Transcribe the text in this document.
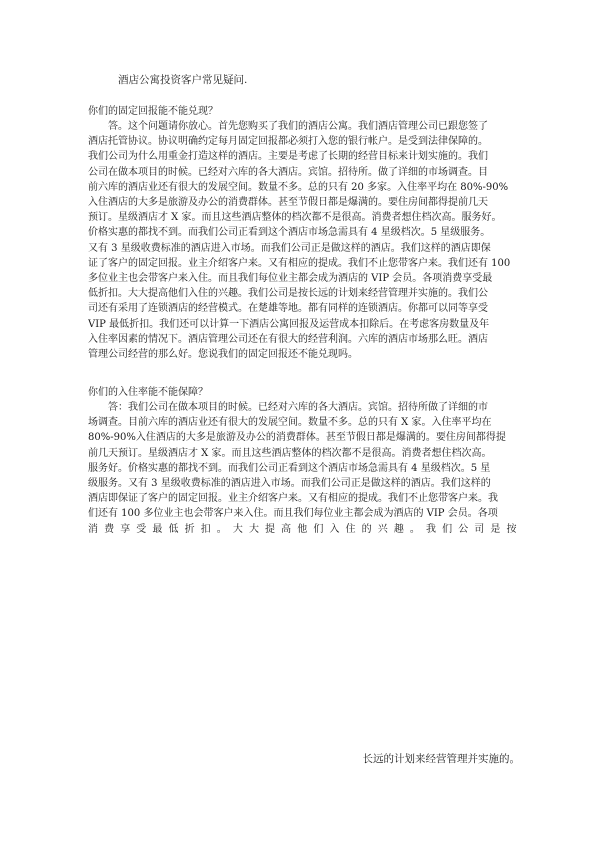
酒店公寓投资客户常见疑问.

你们的固定回报能不能兑现？

答。这个问题请你放心。首先您购买了我们的酒店公寓。我们酒店管理公司已跟您签了

酒店托管协议。协议明确约定每月固定回报都必须打入您的银行帐户。是受到法律保障的。

我们公司为什么用重金打造这样的酒店。主要是考虑了长期的经营目标来计划实施的。我们

公司在做本项目的时候。已经对六库的各大酒店。宾馆。招待所。做了详细的市场调查。目

前六库的酒店业还有很大的发展空间。数量不多。总的只有 20 多家。入住率平均在 80%-90%

入住酒店的大多是旅游及办公的消费群体。甚至节假日都是爆满的。要住房间都得提前几天

预订。星级酒店才 X 家。而且这些酒店整体的档次都不是很高。消费者想住档次高。服务好。

价格实惠的都找不到。而我们公司正看到这个酒店市场急需具有 4 星级档次。5 星级服务。

又有 3 星级收费标准的酒店进入市场。而我们公司正是做这样的酒店。我们这样的酒店即保

证了客户的固定回报。业主介绍客户来。又有相应的提成。我们不止您带客户来。我们还有 100

多位业主也会带客户来入住。而且我们每位业主都会成为酒店的 VIP 会员。各项消费享受最

低折扣。大大提高他们入住的兴趣。我们公司是按长远的计划来经营管理并实施的。我们公

司还有采用了连锁酒店的经营模式。在楚雄等地。都有同样的连锁酒店。你都可以同等享受

VIP 最低折扣。我们还可以计算一下酒店公寓回报及运营成本扣除后。在考虑客房数量及年

入住率因素的情况下。酒店管理公司还在有很大的经营利润。六库的酒店市场那么旺。酒店

管理公司经营的那么好。您说我们的固定回报还不能兑现吗。

你们的入住率能不能保障？

答：我们公司在做本项目的时候。已经对六库的各大酒店。宾馆。招待所做了详细的市

场调查。目前六库的酒店业还有很大的发展空间。数量不多。总的只有 X 家。入住率平均在

80%-90%入住酒店的大多是旅游及办公的消费群体。甚至节假日都是爆满的。要住房间都得提

前几天预订。星级酒店才 X 家。而且这些酒店整体的档次都不是很高。消费者想住档次高。

服务好。价格实惠的都找不到。而我们公司正看到这个酒店市场急需具有 4 星级档次。5 星

级服务。又有 3 星级收费标准的酒店进入市场。而我们公司正是做这样的酒店。我们这样的

酒店即保证了客户的固定回报。业主介绍客户来。又有相应的提成。我们不止您带客户来。我

们还有 100 多位业主也会带客户来入住。而且我们每位业主都会成为酒店的 VIP 会员。各项

消费享受最低折扣。大大提高他们入住的兴趣。我们公司是按

长远的计划来经营管理并实施的。
